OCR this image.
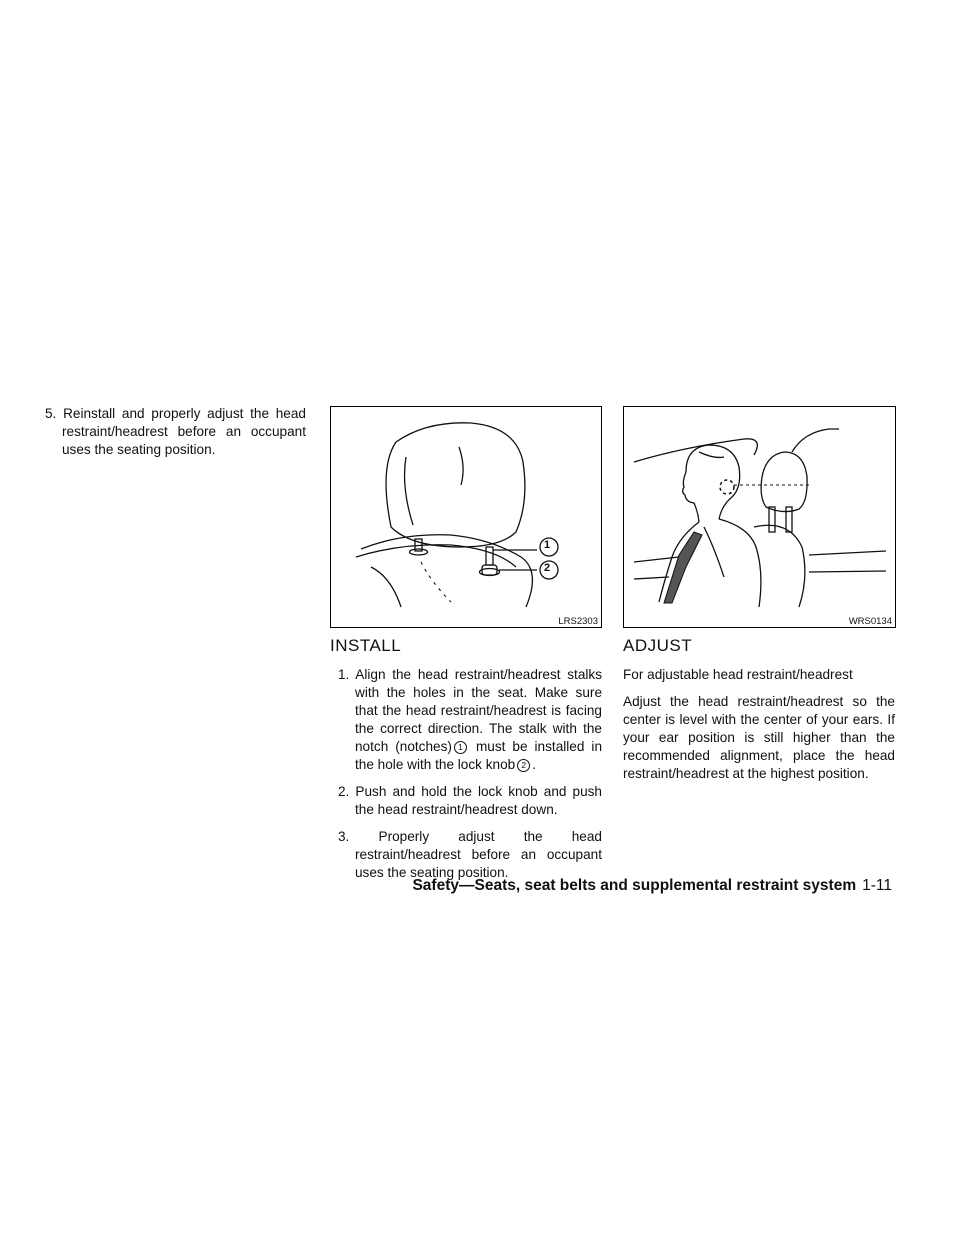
5. Reinstall and properly adjust the head restraint/headrest before an occupant uses the seating position.

1
2
LRS2303	WRS0134
INSTALL

1. Align the head restraint/headrest stalks with the holes in the seat. Make sure that the head restraint/headrest is facing the correct direction. The stalk with the notch (notches) 1 must be installed in the hole with the lock knob 2 .

2. Push and hold the lock knob and push the head restraint/headrest down.

3. Properly adjust the head restraint/headrest before an occupant uses the seating position.

ADJUST

For adjustable head restraint/headrest

Adjust the head restraint/headrest so the center is level with the center of your ears. If your ear position is still higher than the recommended alignment, place the head restraint/headrest at the highest position.

Safety—Seats, seat belts and supplemental restraint system 1-11
